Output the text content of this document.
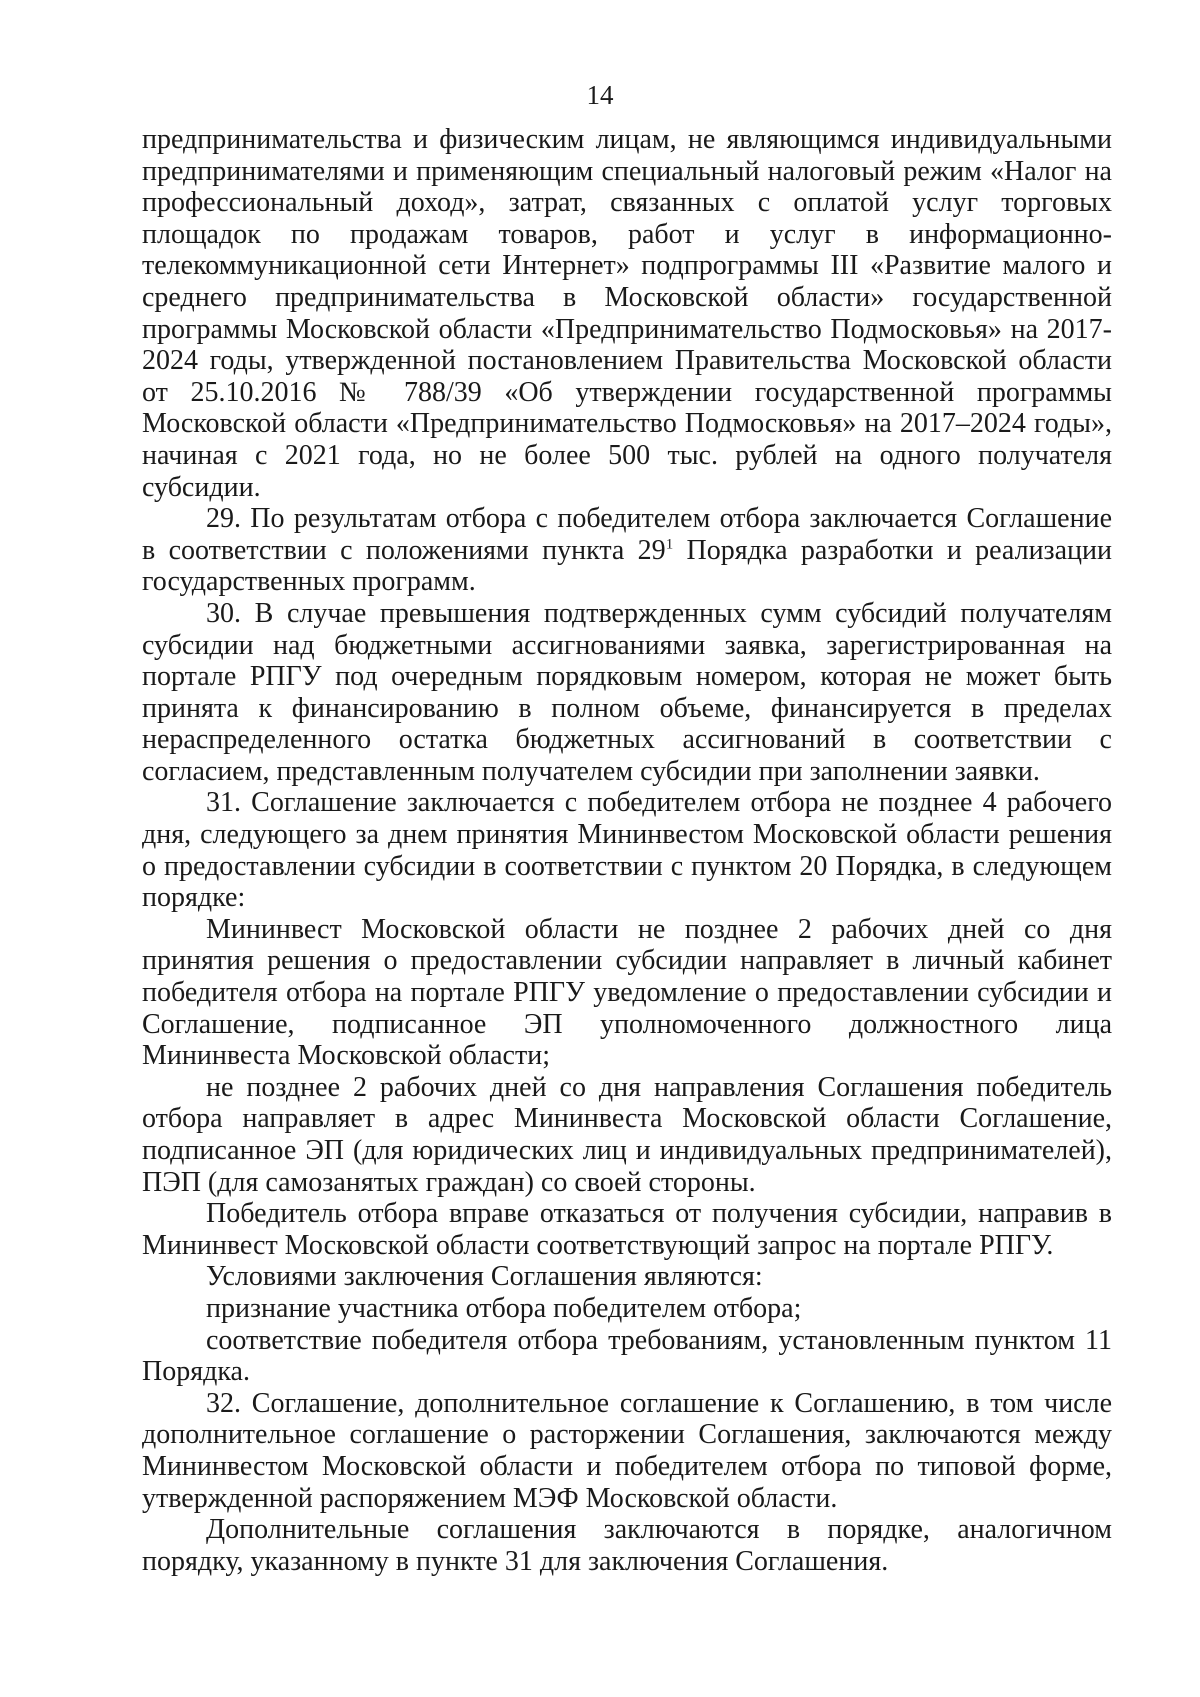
14

предпринимательства и физическим лицам, не являющимся индивидуальными предпринимателями и применяющим специальный налоговый режим «Налог на профессиональный доход», затрат, связанных с оплатой услуг торговых площадок по продажам товаров, работ и услуг в информационно-телекоммуникационной сети Интернет» подпрограммы III «Развитие малого и среднего предпринимательства в Московской области» государственной программы Московской области «Предпринимательство Подмосковья» на 2017-2024 годы, утвержденной постановлением Правительства Московской области от 25.10.2016 № 788/39 «Об утверждении государственной программы Московской области «Предпринимательство Подмосковья» на 2017–2024 годы», начиная с 2021 года, но не более 500 тыс. рублей на одного получателя субсидии.

29. По результатам отбора с победителем отбора заключается Соглашение в соответствии с положениями пункта $29^1$ Порядка разработки и реализации государственных программ.

30. В случае превышения подтвержденных сумм субсидий получателям субсидии над бюджетными ассигнованиями заявка, зарегистрированная на портале РПГУ под очередным порядковым номером, которая не может быть принята к финансированию в полном объеме, финансируется в пределах нераспределенного остатка бюджетных ассигнований в соответствии с согласием, представленным получателем субсидии при заполнении заявки.

31. Соглашение заключается с победителем отбора не позднее 4 рабочего дня, следующего за днем принятия Мининвестом Московской области решения о предоставлении субсидии в соответствии с пунктом 20 Порядка, в следующем порядке:

Мининвест Московской области не позднее 2 рабочих дней со дня принятия решения о предоставлении субсидии направляет в личный кабинет победителя отбора на портале РПГУ уведомление о предоставлении субсидии и Соглашение, подписанное ЭП уполномоченного должностного лица Мининвеста Московской области;

не позднее 2 рабочих дней со дня направления Соглашения победитель отбора направляет в адрес Мининвеста Московской области Соглашение, подписанное ЭП (для юридических лиц и индивидуальных предпринимателей), ПЭП (для самозанятых граждан) со своей стороны.

Победитель отбора вправе отказаться от получения субсидии, направив в Мининвест Московской области соответствующий запрос на портале РПГУ.

Условиями заключения Соглашения являются:

признание участника отбора победителем отбора;

соответствие победителя отбора требованиям, установленным пунктом 11 Порядка.

32. Соглашение, дополнительное соглашение к Соглашению, в том числе дополнительное соглашение о расторжении Соглашения, заключаются между Мининвестом Московской области и победителем отбора по типовой форме, утвержденной распоряжением МЭФ Московской области.

Дополнительные соглашения заключаются в порядке, аналогичном порядку, указанному в пункте 31 для заключения Соглашения.
